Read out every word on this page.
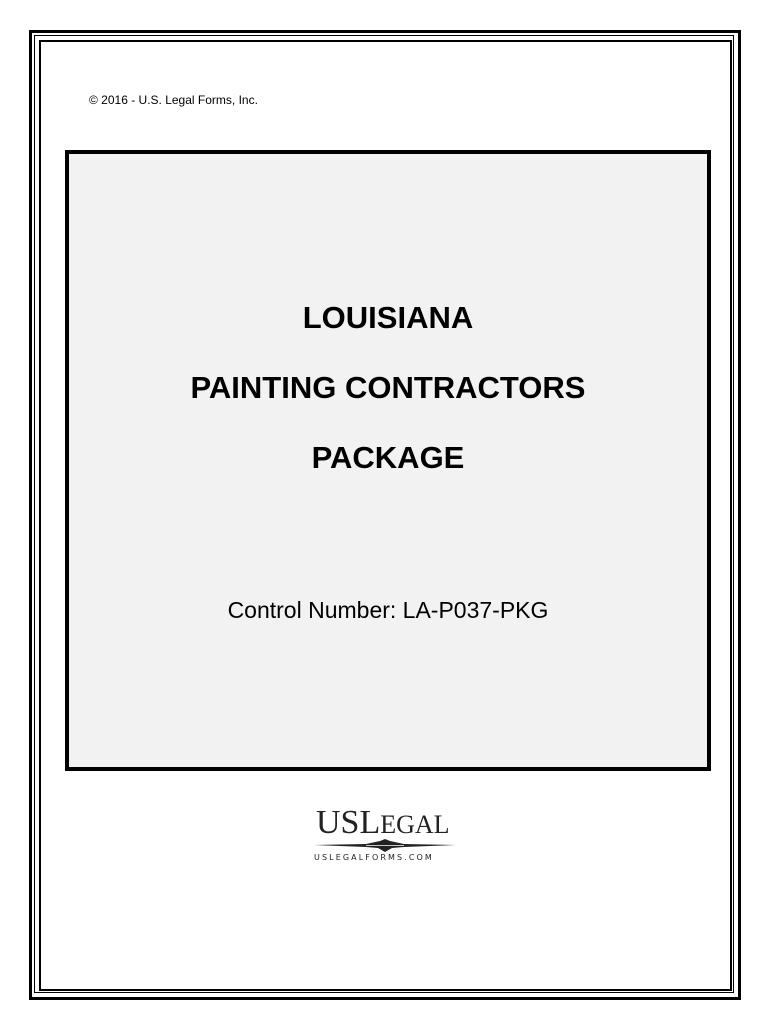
© 2016 - U.S. Legal Forms, Inc.
LOUISIANA
PAINTING CONTRACTORS
PACKAGE
Control Number: LA-P037-PKG
USLEGAL
USLEGALFORMS.COM
